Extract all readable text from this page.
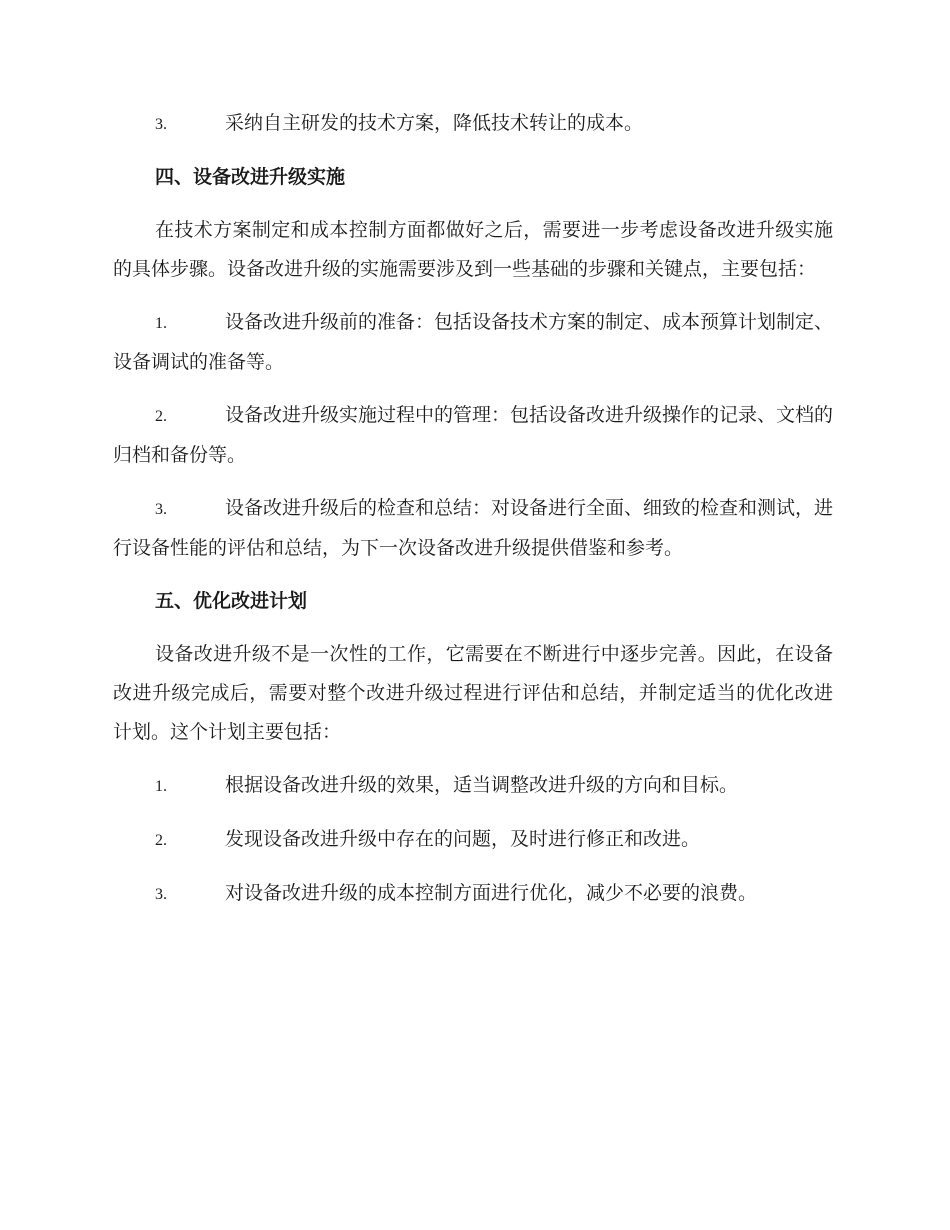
3.	采纳自主研发的技术方案，降低技术转让的成本。

四、设备改进升级实施

在技术方案制定和成本控制方面都做好之后，需要进一步考虑设备改进升级实施的具体步骤。设备改进升级的实施需要涉及到一些基础的步骤和关键点，主要包括：

1.	设备改进升级前的准备：包括设备技术方案的制定、成本预算计划制定、设备调试的准备等。

2.	设备改进升级实施过程中的管理：包括设备改进升级操作的记录、文档的归档和备份等。

3.	设备改进升级后的检查和总结：对设备进行全面、细致的检查和测试，进行设备性能的评估和总结，为下一次设备改进升级提供借鉴和参考。

五、优化改进计划

设备改进升级不是一次性的工作，它需要在不断进行中逐步完善。因此，在设备改进升级完成后，需要对整个改进升级过程进行评估和总结，并制定适当的优化改进计划。这个计划主要包括：

1.	根据设备改进升级的效果，适当调整改进升级的方向和目标。

2.	发现设备改进升级中存在的问题，及时进行修正和改进。

3.	对设备改进升级的成本控制方面进行优化，减少不必要的浪费。
